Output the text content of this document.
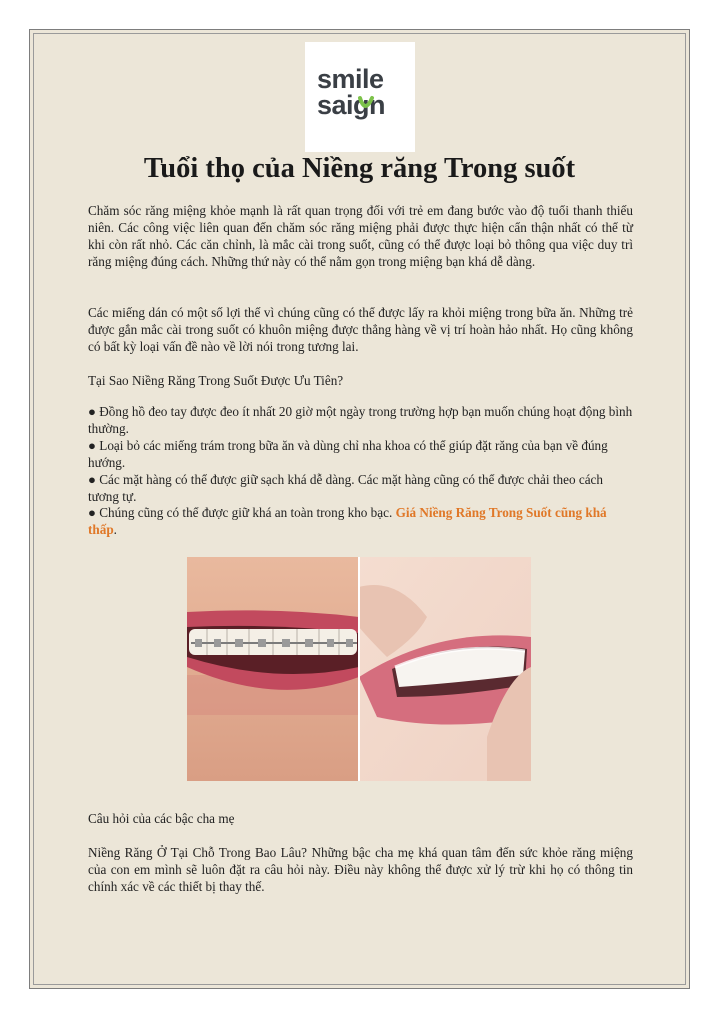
smile
saign
Tuổi thọ của Niềng răng Trong suốt

Chăm sóc răng miệng khỏe mạnh là rất quan trọng đối với trẻ em đang bước vào độ tuổi thanh thiếu niên. Các công việc liên quan đến chăm sóc răng miệng phải được thực hiện cẩn thận nhất có thể từ khi còn rất nhỏ. Các căn chỉnh, là mắc cài trong suốt, cũng có thể được loại bỏ thông qua việc duy trì răng miệng đúng cách. Những thứ này có thể nằm gọn trong miệng bạn khá dễ dàng.

Các miếng dán có một số lợi thế vì chúng cũng có thể được lấy ra khỏi miệng trong bữa ăn. Những trẻ được gắn mắc cài trong suốt có khuôn miệng được thẳng hàng về vị trí hoàn hảo nhất. Họ cũng không có bất kỳ loại vấn đề nào về lời nói trong tương lai.

Tại Sao Niềng Răng Trong Suốt Được Ưu Tiên?

● Đồng hồ đeo tay được đeo ít nhất 20 giờ một ngày trong trường hợp bạn muốn chúng hoạt động bình thường.
● Loại bỏ các miếng trám trong bữa ăn và dùng chỉ nha khoa có thể giúp đặt răng của bạn về đúng hướng.
● Các mặt hàng có thể được giữ sạch khá dễ dàng. Các mặt hàng cũng có thể được chải theo cách tương tự.
● Chúng cũng có thể được giữ khá an toàn trong kho bạc. Giá Niềng Răng Trong Suốt cũng khá thấp.

Câu hỏi của các bậc cha mẹ

Niềng Răng Ở Tại Chỗ Trong Bao Lâu? Những bậc cha mẹ khá quan tâm đến sức khỏe răng miệng của con em mình sẽ luôn đặt ra câu hỏi này. Điều này không thể được xử lý trừ khi họ có thông tin chính xác về các thiết bị thay thế.
